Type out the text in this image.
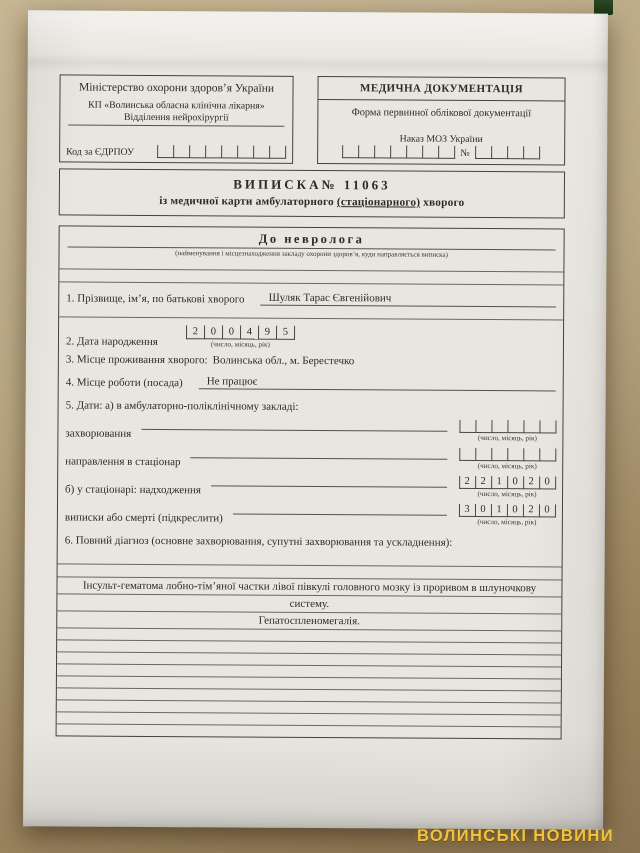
Міністерство охорони здоров’я України
КП «Волинська обласна клінічна лікарня»
Відділення нейрохірургії
Код за ЄДРПОУ
МЕДИЧНА ДОКУМЕНТАЦІЯ
Форма первинної облікової документації
Наказ МОЗ України
№
ВИПИСКА№ 11063
із медичної карти амбулаторного (стаціонарного) хворого
До невролога
(найменування і місцезнаходження закладу охорони здоров’я, куди направляється виписка)
1. Прізвище, ім’я, по батькові хворого	Шуляк Тарас Євгенійович
2. Дата народження
2	0	0	4	9	5
(число, місяць, рік)
3. Місце проживання хворого: Волинська обл., м. Берестечко
4. Місце роботи (посада)	Не працює
5. Дати: а) в амбулаторно-поліклінічному закладі:
захворювання	(число, місяць, рік)
направлення в стаціонар	(число, місяць, рік)
б) у стаціонарі: надходження
2	2	1	0	2	0
(число, місяць, рік)
виписки або смерті (підкреслити)
3	0	1	0	2	0
(число, місяць, рік)
6. Повний діагноз (основне захворювання, супутні захворювання та ускладнення):
Інсульт-гематома лобно-тім’яної частки лівої півкулі головного мозку із проривом в шлуночкову
систему.
Гепатоспленомегалія.
ВОЛИНСЬКІ НОВИНИ
